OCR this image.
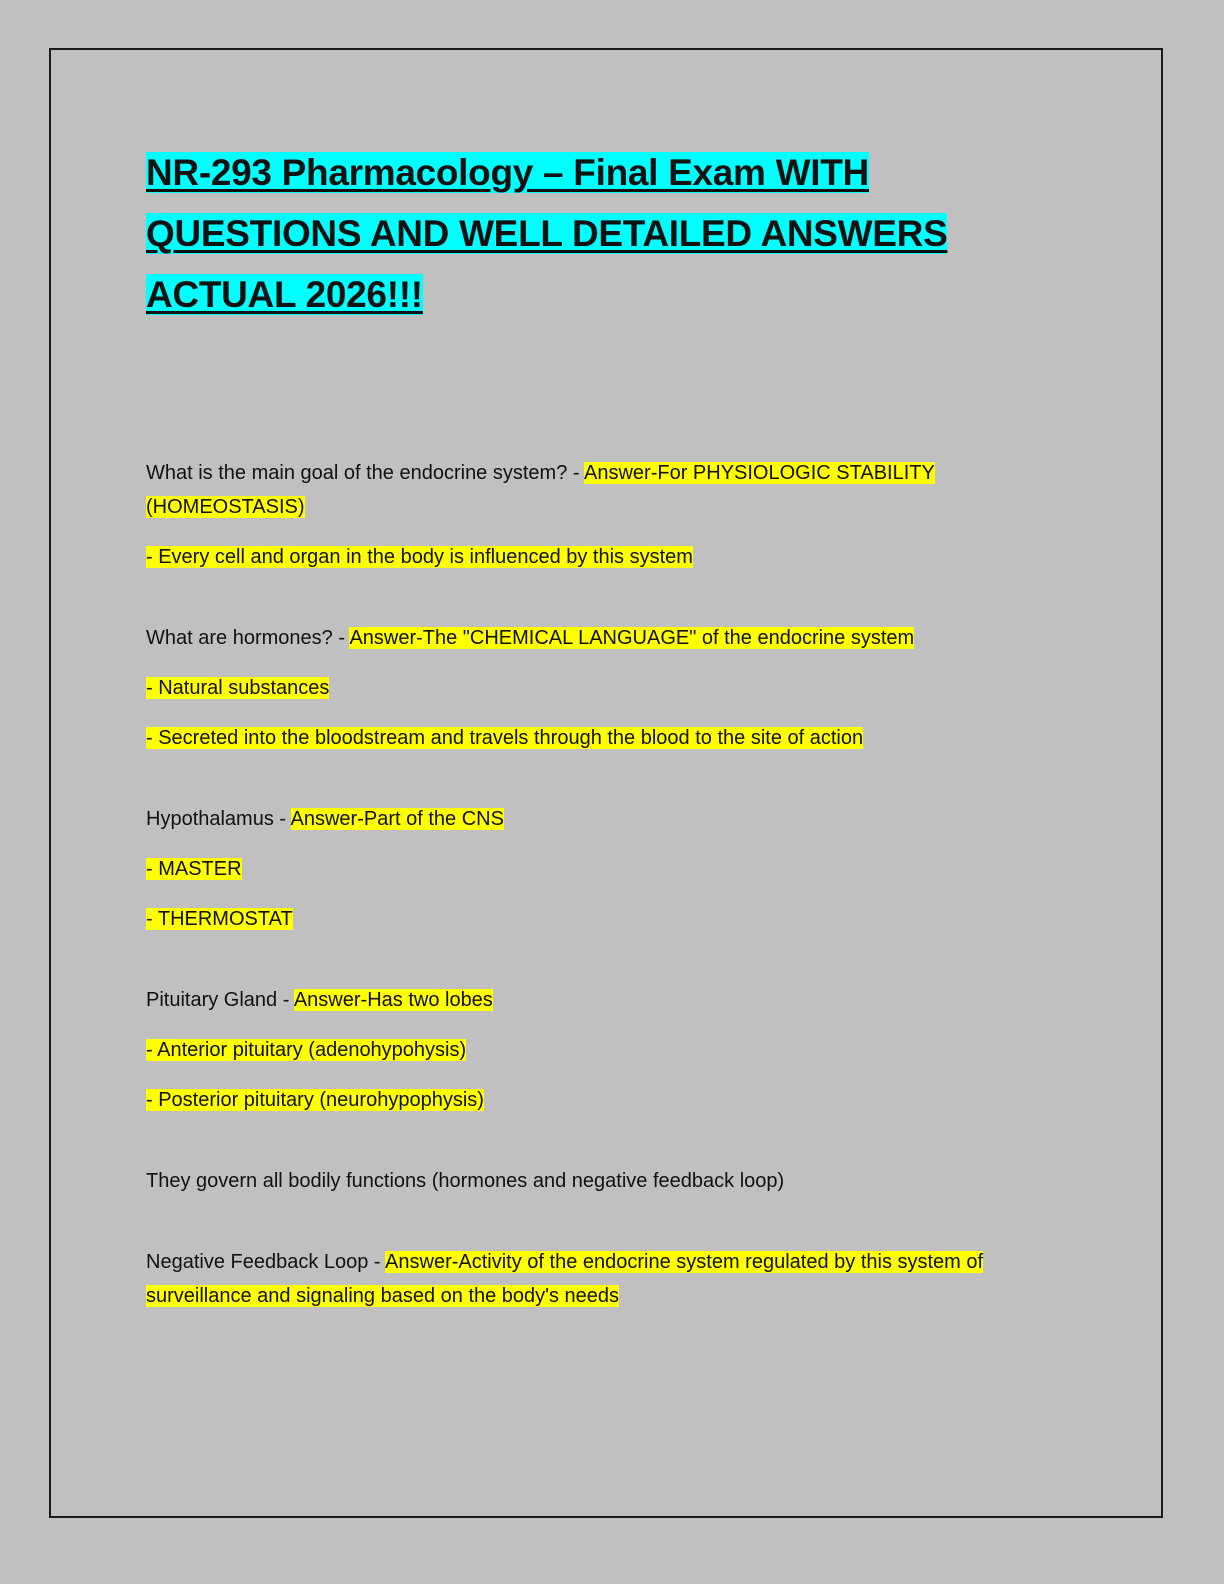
NR-293 Pharmacology – Final Exam WITH
QUESTIONS AND WELL DETAILED ANSWERS
ACTUAL 2026!!!

What is the main goal of the endocrine system? - Answer-For PHYSIOLOGIC STABILITY (HOMEOSTASIS)

- Every cell and organ in the body is influenced by this system

What are hormones? - Answer-The "CHEMICAL LANGUAGE" of the endocrine system

- Natural substances

- Secreted into the bloodstream and travels through the blood to the site of action

Hypothalamus - Answer-Part of the CNS

- MASTER

- THERMOSTAT

Pituitary Gland - Answer-Has two lobes

- Anterior pituitary (adenohypohysis)

- Posterior pituitary (neurohypophysis)

They govern all bodily functions (hormones and negative feedback loop)

Negative Feedback Loop - Answer-Activity of the endocrine system regulated by this system of surveillance and signaling based on the body's needs
